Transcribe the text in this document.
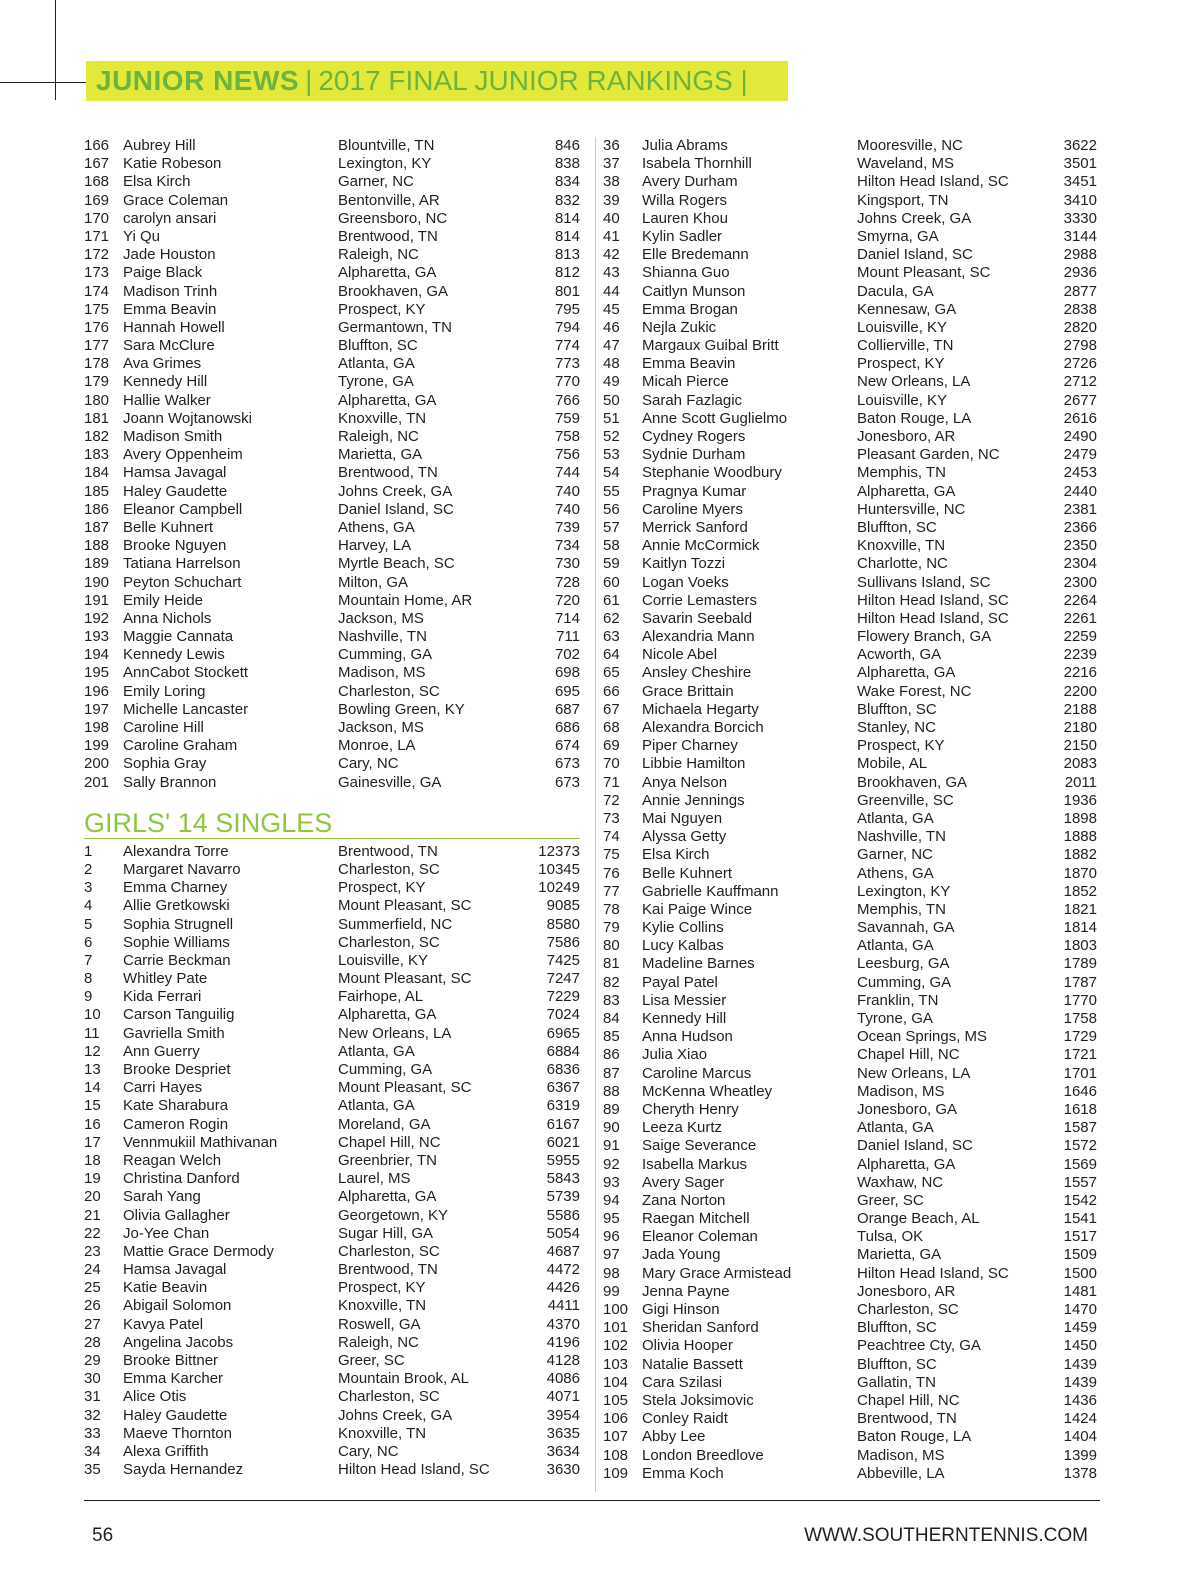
JUNIOR NEWS | 2017 FINAL JUNIOR RANKINGS |
166 Aubrey Hill	Blountville, TN	846
167 Katie Robeson	Lexington, KY	838
168 Elsa Kirch	Garner, NC	834
169 Grace Coleman	Bentonville, AR	832
170 carolyn ansari	Greensboro, NC	814
171 Yi Qu	Brentwood, TN	814
172 Jade Houston	Raleigh, NC	813
173 Paige Black	Alpharetta, GA	812
174 Madison Trinh	Brookhaven, GA	801
175 Emma Beavin	Prospect, KY	795
176 Hannah Howell	Germantown, TN	794
177 Sara McClure	Bluffton, SC	774
178 Ava Grimes	Atlanta, GA	773
179 Kennedy Hill	Tyrone, GA	770
180 Hallie Walker	Alpharetta, GA	766
181 Joann Wojtanowski	Knoxville, TN	759
182 Madison Smith	Raleigh, NC	758
183 Avery Oppenheim	Marietta, GA	756
184 Hamsa Javagal	Brentwood, TN	744
185 Haley Gaudette	Johns Creek, GA	740
186 Eleanor Campbell	Daniel Island, SC	740
187 Belle Kuhnert	Athens, GA	739
188 Brooke Nguyen	Harvey, LA	734
189 Tatiana Harrelson	Myrtle Beach, SC	730
190 Peyton Schuchart	Milton, GA	728
191 Emily Heide	Mountain Home, AR	720
192 Anna Nichols	Jackson, MS	714
193 Maggie Cannata	Nashville, TN	711
194 Kennedy Lewis	Cumming, GA	702
195 AnnCabot Stockett	Madison, MS	698
196 Emily Loring	Charleston, SC	695
197 Michelle Lancaster	Bowling Green, KY	687
198 Caroline Hill	Jackson, MS	686
199 Caroline Graham	Monroe, LA	674
200 Sophia Gray	Cary, NC	673
201 Sally Brannon	Gainesville, GA	673
GIRLS' 14 SINGLES
1	Alexandra Torre	Brentwood, TN	12373
2	Margaret Navarro	Charleston, SC	10345
3	Emma Charney	Prospect, KY	10249
4	Allie Gretkowski	Mount Pleasant, SC	9085
5	Sophia Strugnell	Summerfield, NC	8580
6	Sophie Williams	Charleston, SC	7586
7	Carrie Beckman	Louisville, KY	7425
8	Whitley Pate	Mount Pleasant, SC	7247
9	Kida Ferrari	Fairhope, AL	7229
10	Carson Tanguilig	Alpharetta, GA	7024
11	Gavriella Smith	New Orleans, LA	6965
12	Ann Guerry	Atlanta, GA	6884
13	Brooke Despriet	Cumming, GA	6836
14	Carri Hayes	Mount Pleasant, SC	6367
15	Kate Sharabura	Atlanta, GA	6319
16	Cameron Rogin	Moreland, GA	6167
17	Vennmukiil Mathivanan	Chapel Hill, NC	6021
18	Reagan Welch	Greenbrier, TN	5955
19	Christina Danford	Laurel, MS	5843
20	Sarah Yang	Alpharetta, GA	5739
21	Olivia Gallagher	Georgetown, KY	5586
22	Jo-Yee Chan	Sugar Hill, GA	5054
23	Mattie Grace Dermody	Charleston, SC	4687
24	Hamsa Javagal	Brentwood, TN	4472
25	Katie Beavin	Prospect, KY	4426
26	Abigail Solomon	Knoxville, TN	4411
27	Kavya Patel	Roswell, GA	4370
28	Angelina Jacobs	Raleigh, NC	4196
29	Brooke Bittner	Greer, SC	4128
30	Emma Karcher	Mountain Brook, AL	4086
31	Alice Otis	Charleston, SC	4071
32	Haley Gaudette	Johns Creek, GA	3954
33	Maeve Thornton	Knoxville, TN	3635
34	Alexa Griffith	Cary, NC	3634
35	Sayda Hernandez	Hilton Head Island, SC	3630
36	Julia Abrams	Mooresville, NC	3622
37	Isabela Thornhill	Waveland, MS	3501
38	Avery Durham	Hilton Head Island, SC	3451
39	Willa Rogers	Kingsport, TN	3410
40	Lauren Khou	Johns Creek, GA	3330
41	Kylin Sadler	Smyrna, GA	3144
42	Elle Bredemann	Daniel Island, SC	2988
43	Shianna Guo	Mount Pleasant, SC	2936
44	Caitlyn Munson	Dacula, GA	2877
45	Emma Brogan	Kennesaw, GA	2838
46	Nejla Zukic	Louisville, KY	2820
47	Margaux Guibal Britt	Collierville, TN	2798
48	Emma Beavin	Prospect, KY	2726
49	Micah Pierce	New Orleans, LA	2712
50	Sarah Fazlagic	Louisville, KY	2677
51	Anne Scott Guglielmo	Baton Rouge, LA	2616
52	Cydney Rogers	Jonesboro, AR	2490
53	Sydnie Durham	Pleasant Garden, NC	2479
54	Stephanie Woodbury	Memphis, TN	2453
55	Pragnya Kumar	Alpharetta, GA	2440
56	Caroline Myers	Huntersville, NC	2381
57	Merrick Sanford	Bluffton, SC	2366
58	Annie McCormick	Knoxville, TN	2350
59	Kaitlyn Tozzi	Charlotte, NC	2304
60	Logan Voeks	Sullivans Island, SC	2300
61	Corrie Lemasters	Hilton Head Island, SC	2264
62	Savarin Seebald	Hilton Head Island, SC	2261
63	Alexandria Mann	Flowery Branch, GA	2259
64	Nicole Abel	Acworth, GA	2239
65	Ansley Cheshire	Alpharetta, GA	2216
66	Grace Brittain	Wake Forest, NC	2200
67	Michaela Hegarty	Bluffton, SC	2188
68	Alexandra Borcich	Stanley, NC	2180
69	Piper Charney	Prospect, KY	2150
70	Libbie Hamilton	Mobile, AL	2083
71	Anya Nelson	Brookhaven, GA	2011
72	Annie Jennings	Greenville, SC	1936
73	Mai Nguyen	Atlanta, GA	1898
74	Alyssa Getty	Nashville, TN	1888
75	Elsa Kirch	Garner, NC	1882
76	Belle Kuhnert	Athens, GA	1870
77	Gabrielle Kauffmann	Lexington, KY	1852
78	Kai Paige Wince	Memphis, TN	1821
79	Kylie Collins	Savannah, GA	1814
80	Lucy Kalbas	Atlanta, GA	1803
81	Madeline Barnes	Leesburg, GA	1789
82	Payal Patel	Cumming, GA	1787
83	Lisa Messier	Franklin, TN	1770
84	Kennedy Hill	Tyrone, GA	1758
85	Anna Hudson	Ocean Springs, MS	1729
86	Julia Xiao	Chapel Hill, NC	1721
87	Caroline Marcus	New Orleans, LA	1701
88	McKenna Wheatley	Madison, MS	1646
89	Cheryth Henry	Jonesboro, GA	1618
90	Leeza Kurtz	Atlanta, GA	1587
91	Saige Severance	Daniel Island, SC	1572
92	Isabella Markus	Alpharetta, GA	1569
93	Avery Sager	Waxhaw, NC	1557
94	Zana Norton	Greer, SC	1542
95	Raegan Mitchell	Orange Beach, AL	1541
96	Eleanor Coleman	Tulsa, OK	1517
97	Jada Young	Marietta, GA	1509
98	Mary Grace Armistead	Hilton Head Island, SC	1500
99	Jenna Payne	Jonesboro, AR	1481
100 Gigi Hinson	Charleston, SC	1470
101 Sheridan Sanford	Bluffton, SC	1459
102 Olivia Hooper	Peachtree Cty, GA	1450
103 Natalie Bassett	Bluffton, SC	1439
104 Cara Szilasi	Gallatin, TN	1439
105 Stela Joksimovic	Chapel Hill, NC	1436
106 Conley Raidt	Brentwood, TN	1424
107 Abby Lee	Baton Rouge, LA	1404
108 London Breedlove	Madison, MS	1399
109 Emma Koch	Abbeville, LA	1378
56	WWW.SOUTHERNTENNIS.COM
